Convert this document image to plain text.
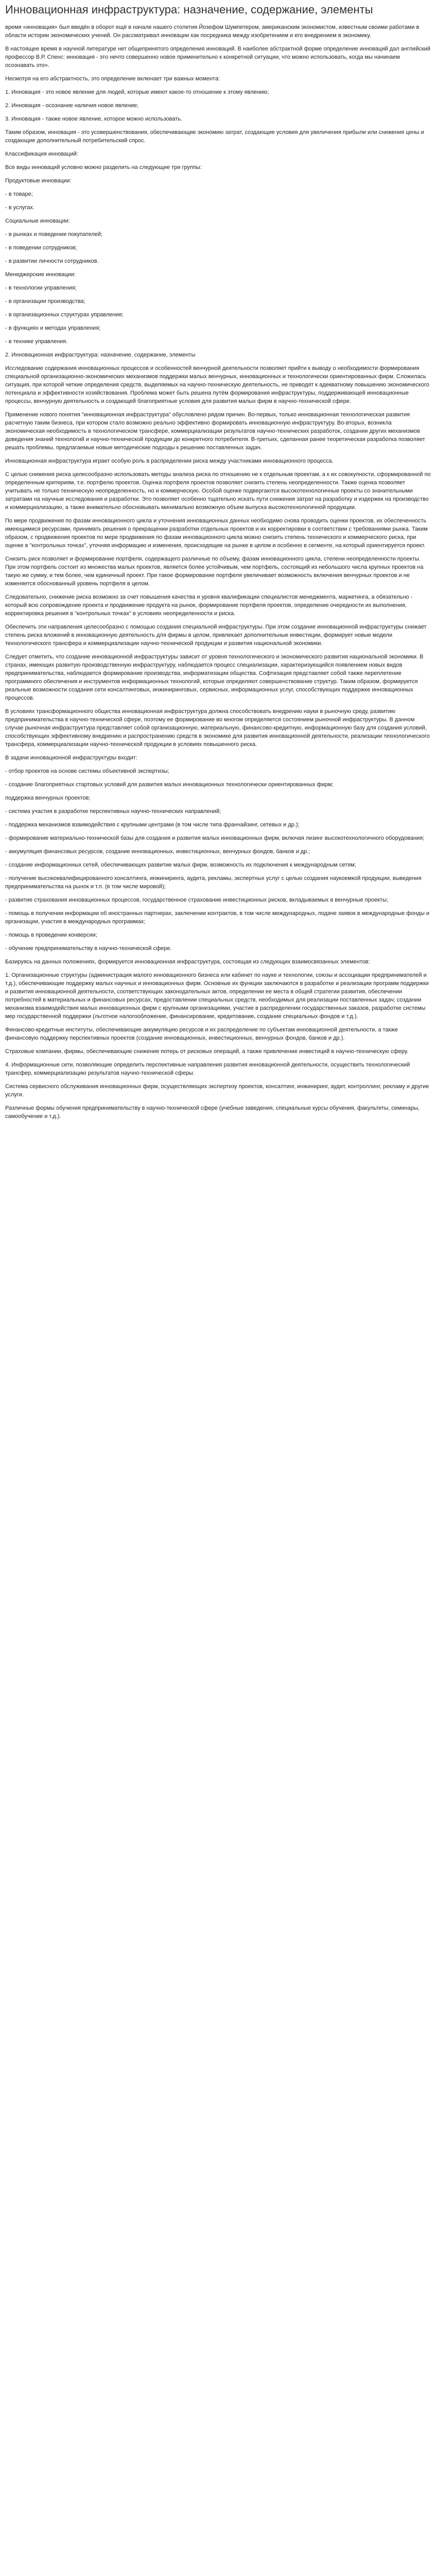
Инновационная инфраструктура: назначение, содержание, элементы

время «инновация» был введён в оборот ещё в начале нашего столетия Йозефом Шумпетером, американским экономистом, известным своими работами в области истории экономических учений. Он рассматривал инновации как посредника между изобретением и его внедрением в экономику.

В настоящее время в научной литературе нет общепринятого определения инноваций. В наиболее абстрактной форме определение инноваций дал английский профессор В.Р. Спенс: инновация - это нечто совершенно новое применительно к конкретной ситуации, что можно использовать, когда мы начинаем осознавать это».

Несмотря на его абстрактность, это определение включает три важных момента:

1. Инновация - это новое явление для людей, которые имеют какое-то отношение к этому явлению;

2. Инновация - осознание наличия новое явление;

3. Инновация - также новое явление, которое можно использовать.

Таким образом, инновация - это усовершенствования, обеспечивающие экономию затрат, создающие условия для увеличения прибыли или снижения цены и создающие дополнительный потребительский спрос.

Классификация инноваций:

Все виды инноваций условно можно разделить на следующие три группы:

Продуктовые инновации:

- в товаре;

- в услугах.

Социальные инновации:

- в рынках и поведении покупателей;

- в поведении сотрудников;

- в развитии личности сотрудников.

Менеджерские инновации:

- в технологии управления;

- в организации производства;

- в организационных структурах управления;

- в функциях и методах управления;

- в технике управления.

2. Инновационная инфраструктура: назначение, содержание, элементы

Исследование содержания инновационных процессов и особенностей венчурной деятельности позволяет прийти к выводу о необходимости формирования специальной организационно-экономических механизмов поддержки малых венчурных, инновационных и технологически ориентированных фирм. Сложилась ситуация, при которой четкие определения средств, выделяемых на научно-техническую деятельность, не приводят к адекватному повышению экономического потенциала и эффективности хозяйствования. Проблема может быть решена путём формирования инфраструктуры, поддерживающей инновационные процессы, венчурную деятельность и создающей благоприятные условия для развития малых фирм в научно-технической сфере.

Применение нового понятия "инновационная инфраструктура" обусловлено рядом причин. Во-первых, только инновационная технологическая развития расчетную таким бизнеса, при котором стало возможно реально эффективно формировать инновационную инфраструктуру. Во-вторых, возникла экономическая необходимость в технологическом трансфере, коммерциализации результатов научно-технических разработок, создании других механизмов доведения знаний технологий и научно-технической продукции до конкретного потребителя. В-третьих, сделанная ранее теоретическая разработка позволяет решать проблемы, предлагаемые новые методические подходы к решению поставленных задач.

Инновационная инфраструктура играет особую роль в распределении риска между участниками инновационного процесса.

С целью снижения риска целесообразно использовать методы анализа риска по отношению не к отдельным проектам, а к их совокупности, сформированной по определенным критериям, т.е. портфелю проектов. Оценка портфеля проектов позволяет снизить степень неопределенности. Также оценка позволяет учитывать не только техническую неопределенность, но и коммерческую. Особой оценке подвергаются высокотехнологичные проекты со значительными затратами на научные исследования и разработки. Это позволяет особенно тщательно искать пути снижения затрат на разработку и издержек на производство и коммерциализацию, а также внимательно обосновывать минимально возможную объем выпуска высокотехнологичной продукции.

По мере продвижения по фазам инновационного цикла и уточнения инновационных данных необходимо снова проводить оценки проектов, их обеспеченность имеющимися ресурсами, принимать решения о прекращении разработки отдельных проектов и их корректировки в соответствии с требованиями рынка. Таким образом, с продвижения проектов по мере продвижения по фазам инновационного цикла можно снизить степень технического и коммерческого риска, при оценке в "контрольных точках", уточняя информацию и изменения, происходящие на рынке в целом и особенно в сегменте, на который ориентируется проект.

Снизить риск позволяет и формирование портфеля, содержащего различные по объему, фазам инновационного цикла, степени неопределенности проекты. При этом портфель состоит из множества малых проектов, является более устойчивым, чем портфель, состоящий из небольшого числа крупных проектов на такую же сумму, и тем более, чем единичный проект. При такое формирование портфеля увеличивает возможность включения венчурных проектов и не изменяется обоснованный уровень портфеля в целом.

Следовательно, снижение риска возможно за счет повышения качества и уровня квалификации специалистов менеджмента, маркетинга, а обязательно - который всю сопровождение проекта и продвижение продукта на рынок, формирование портфеля проектов, определение очередности их выполнения, корректировка решения в "контрольных точках" в условиях неопределенности и риска.

Обеспечить эти направления целесообразно с помощью создания специальной инфраструктуры. При этом создание инновационной инфраструктуры снижает степень риска вложений в инновационную деятельность для фирмы в целом, привлекает дополнительные инвестиции, формирует новые модели технологического трансфера и коммерциализации научно-технической продукции и развития национальной экономики.

Следует отметить, что создание инновационной инфраструктуры зависит от уровня технологического и экономического развития национальной экономики. В странах, имеющих развитую производственную инфраструктуру, наблюдается процесс специализации, характеризующийся появлением новых видов предпринимательства, наблюдается формирование производства, информатизации общества. Софтизация представляет собой также переплетение программного обеспечения и инструментов информационных технологий, которые определяют совершенствование структур. Таким образом, формируется реальные возможности создания сети консалтинговых, инжиниринговых, сервисных, информационных услуг, способствующих поддержке инновационных процессов.

В условиях трансформационного общества инновационная инфраструктура должна способствовать внедрению науки в рыночную среду, развитию предпринимательства в научно-технической сфере, поэтому ее формирование во многом определяется состоянием рыночной инфраструктуры. В данном случае рыночная инфраструктура представляет собой организационную, материальную, финансово-кредитную, информационную базу для создания условий, способствующих эффективному внедрению и распространению средств в экономике для развития инновационной деятельности, реализации технологического трансфера, коммерциализации научно-технической продукции в условиях повышенного риска.

В задачи инновационной инфраструктуры входит:

- отбор проектов на основе системы объективной экспертизы;

- создание благоприятных стартовых условий для развития малых инновационных технологически ориентированных фирм;

поддержка венчурных проектов;

- система участия в разработке перспективных научно-технических направлений;

- поддержка механизмов взаимодействия с крупными центрами (в том числе типа франчайзинг, сетевых и др.);

- формирование материально-технической базы для создания и развития малых инновационных фирм, включая лизинг высокотехнологичного оборудования;

- аккумуляция финансовых ресурсов, создание инновационных, инвестиционных, венчурных фондов, банков и др.;

- создание информационных сетей, обеспечивающих развитие малых фирм, возможность их подключения к международным сетям;

- получение высококвалифицированного консалтинга, инжиниринга, аудита, рекламы, экспертных услуг с целью создания наукоемкой продукции, выведения предпринимательства на рынок и т.п. (в том числе мировой);

- развитие страхования инновационных процессов, государственное страхование инвестиционных рисков, вкладываемых в венчурные проекты;

- помощь в получении информации об иностранных партнерах, заключении контрактов, в том числе международных, подаче заявок в международные фонды и организации, участия в международных программах;

- помощь в проведении конверсии;

- обучение предпринимательству в научно-технической сфере.

Базируясь на данных положениях, формируется инновационная инфраструктура, состоящая из следующих взаимосвязанных элементов:

1. Организационные структуры (администрация малого инновационного бизнеса или кабинет по науке и технологии, союзы и ассоциации предпринимателей и т.д.), обеспечивающие поддержку малых научных и инновационных фирм. Основные их функции заключаются в разработке и реализации программ поддержки и развития инновационной деятельности, соответствующих законодательных актов, определении ее места в общей стратегии развития, обеспечении потребностей в материальных и финансовых ресурсах, предоставлении специальных средств, необходимых для реализации поставленных задач; создании механизма взаимодействия малых инновационных фирм с крупными организациями, участие в распределении государственных заказов, разработке системы мер государственной поддержки (льготное налогообложение, финансирование, кредитование, создание специальных фондов и т.д.).

Финансово-кредитные институты, обеспечивающие аккумуляцию ресурсов и их распределение по субъектам инновационной деятельности, а также финансовую поддержку перспективных проектов (создание инновационных, инвестиционных, венчурных фондов, банков и др.).

Страховые компании, фирмы, обеспечивающие снижение потерь от рисковых операций, а также привлечение инвестиций в научно-техническую сферу.

4. Информационные сети, позволяющие определить перспективные направления развития инновационной деятельности, осуществить технологический трансфер, коммерциализацию результатов научно-технической сферы.

Система сервисного обслуживания инновационных фирм, осуществляющих экспертизу проектов, консалтинг, инжиниринг, аудит, контроллинг, рекламу и другие услуги.

Различные формы обучения предпринимательству в научно-технической сфере (учебные заведения, специальные курсы обучения, факультеты, семинары, самообучение и т.д.).
